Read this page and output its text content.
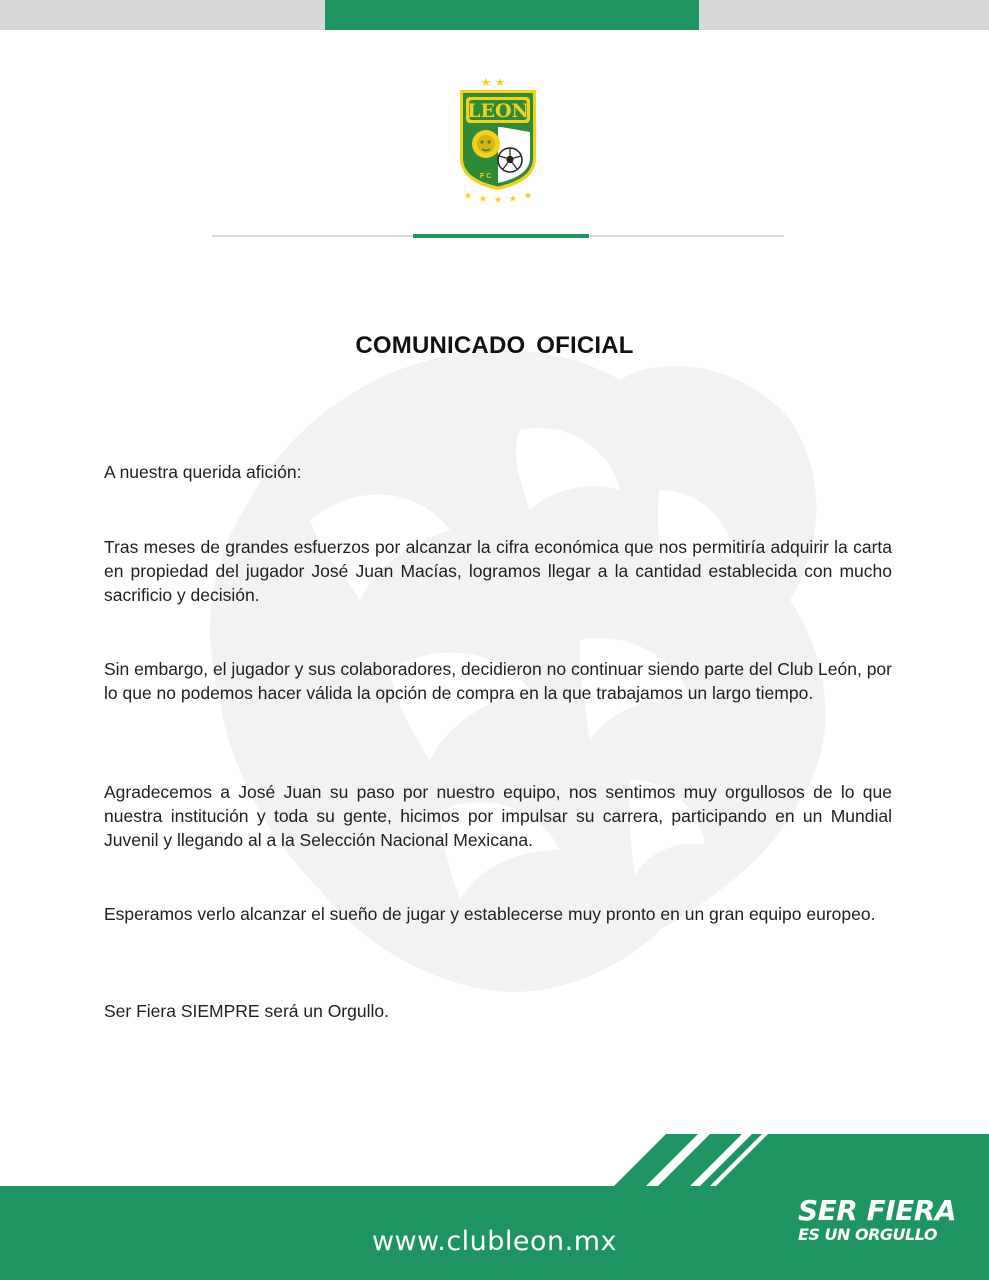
LEON
F C
COMUNICADO OFICIAL

A nuestra querida afición:

Tras meses de grandes esfuerzos por alcanzar la cifra económica que nos permitiría adquirir la carta en propiedad del jugador José Juan Macías, logramos llegar a la cantidad establecida con mucho sacrificio y decisión.

Sin embargo, el jugador y sus colaboradores, decidieron no continuar siendo parte del Club León, por lo que no podemos hacer válida la opción de compra en la que trabajamos un largo tiempo.

Agradecemos a José Juan su paso por nuestro equipo, nos sentimos muy orgullosos de lo que nuestra institución y toda su gente, hicimos por impulsar su carrera, participando en un Mundial Juvenil y llegando al a la Selección Nacional Mexicana.

Esperamos verlo alcanzar el sueño de jugar y establecerse muy pronto en un gran equipo europeo.

Ser Fiera SIEMPRE será un Orgullo.

www.clubleon.mx
SER FIERA
ES UN ORGULLO
